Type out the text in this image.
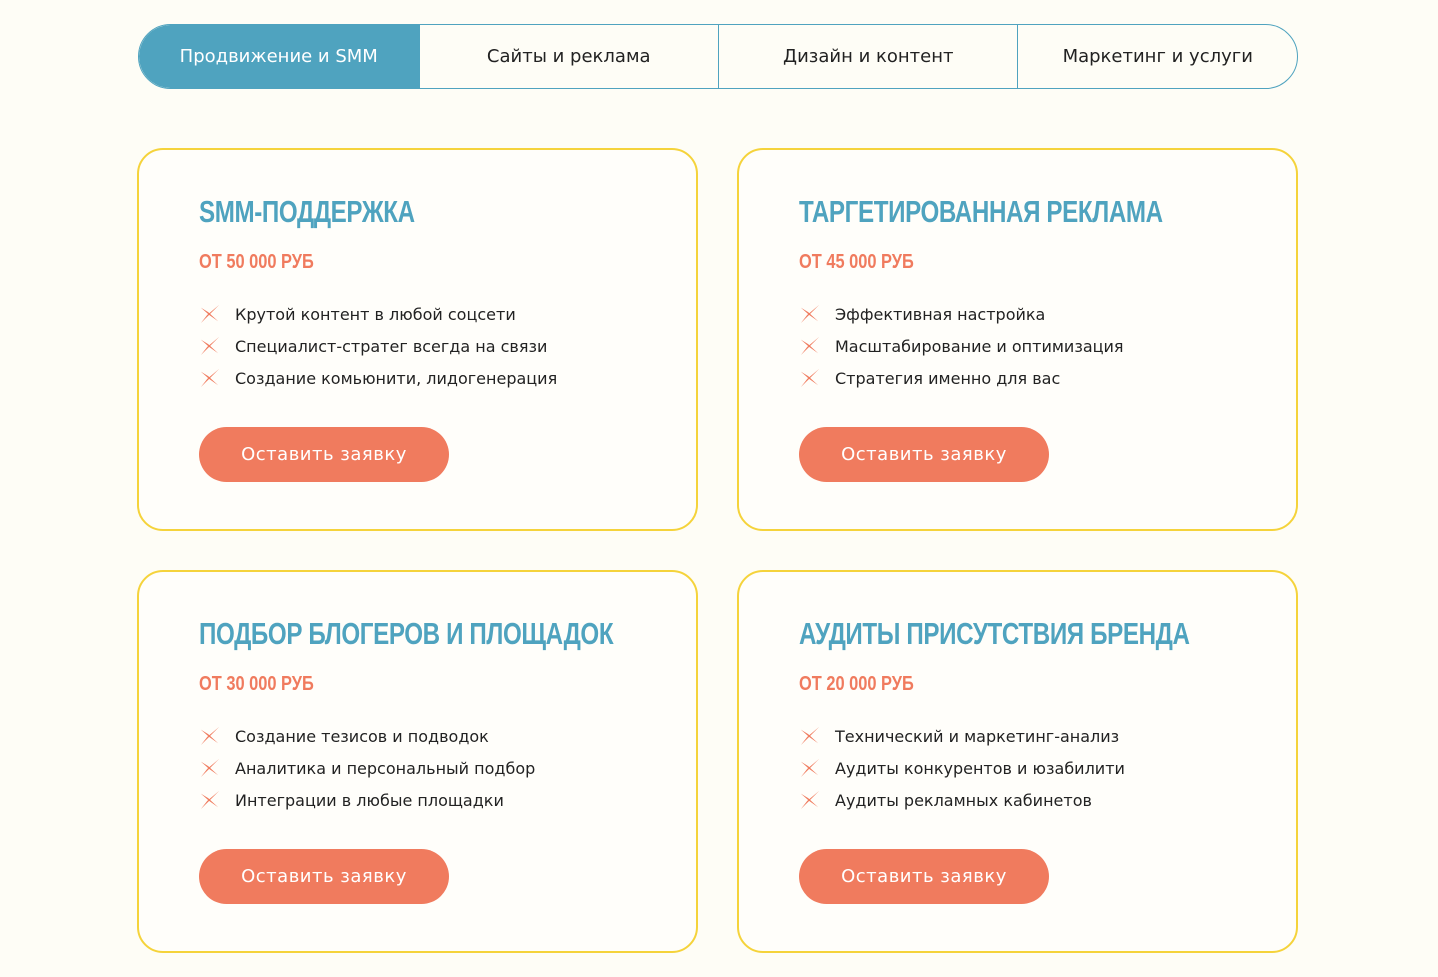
Продвижение и SMM	Сайты и реклама	Дизайн и контент	Маркетинг и услуги
SMM-ПОДДЕРЖКА
ОТ 50 000 РУБ
Крутой контент в любой соцсети
Специалист-стратег всегда на связи
Создание комьюнити, лидогенерация
Оставить заявку
ТАРГЕТИРОВАННАЯ РЕКЛАМА
ОТ 45 000 РУБ
Эффективная настройка
Масштабирование и оптимизация
Стратегия именно для вас
Оставить заявку
ПОДБОР БЛОГЕРОВ И ПЛОЩАДОК
ОТ 30 000 РУБ
Создание тезисов и подводок
Аналитика и персональный подбор
Интеграции в любые площадки
Оставить заявку
АУДИТЫ ПРИСУТСТВИЯ БРЕНДА
ОТ 20 000 РУБ
Технический и маркетинг-анализ
Аудиты конкурентов и юзабилити
Аудиты рекламных кабинетов
Оставить заявку
